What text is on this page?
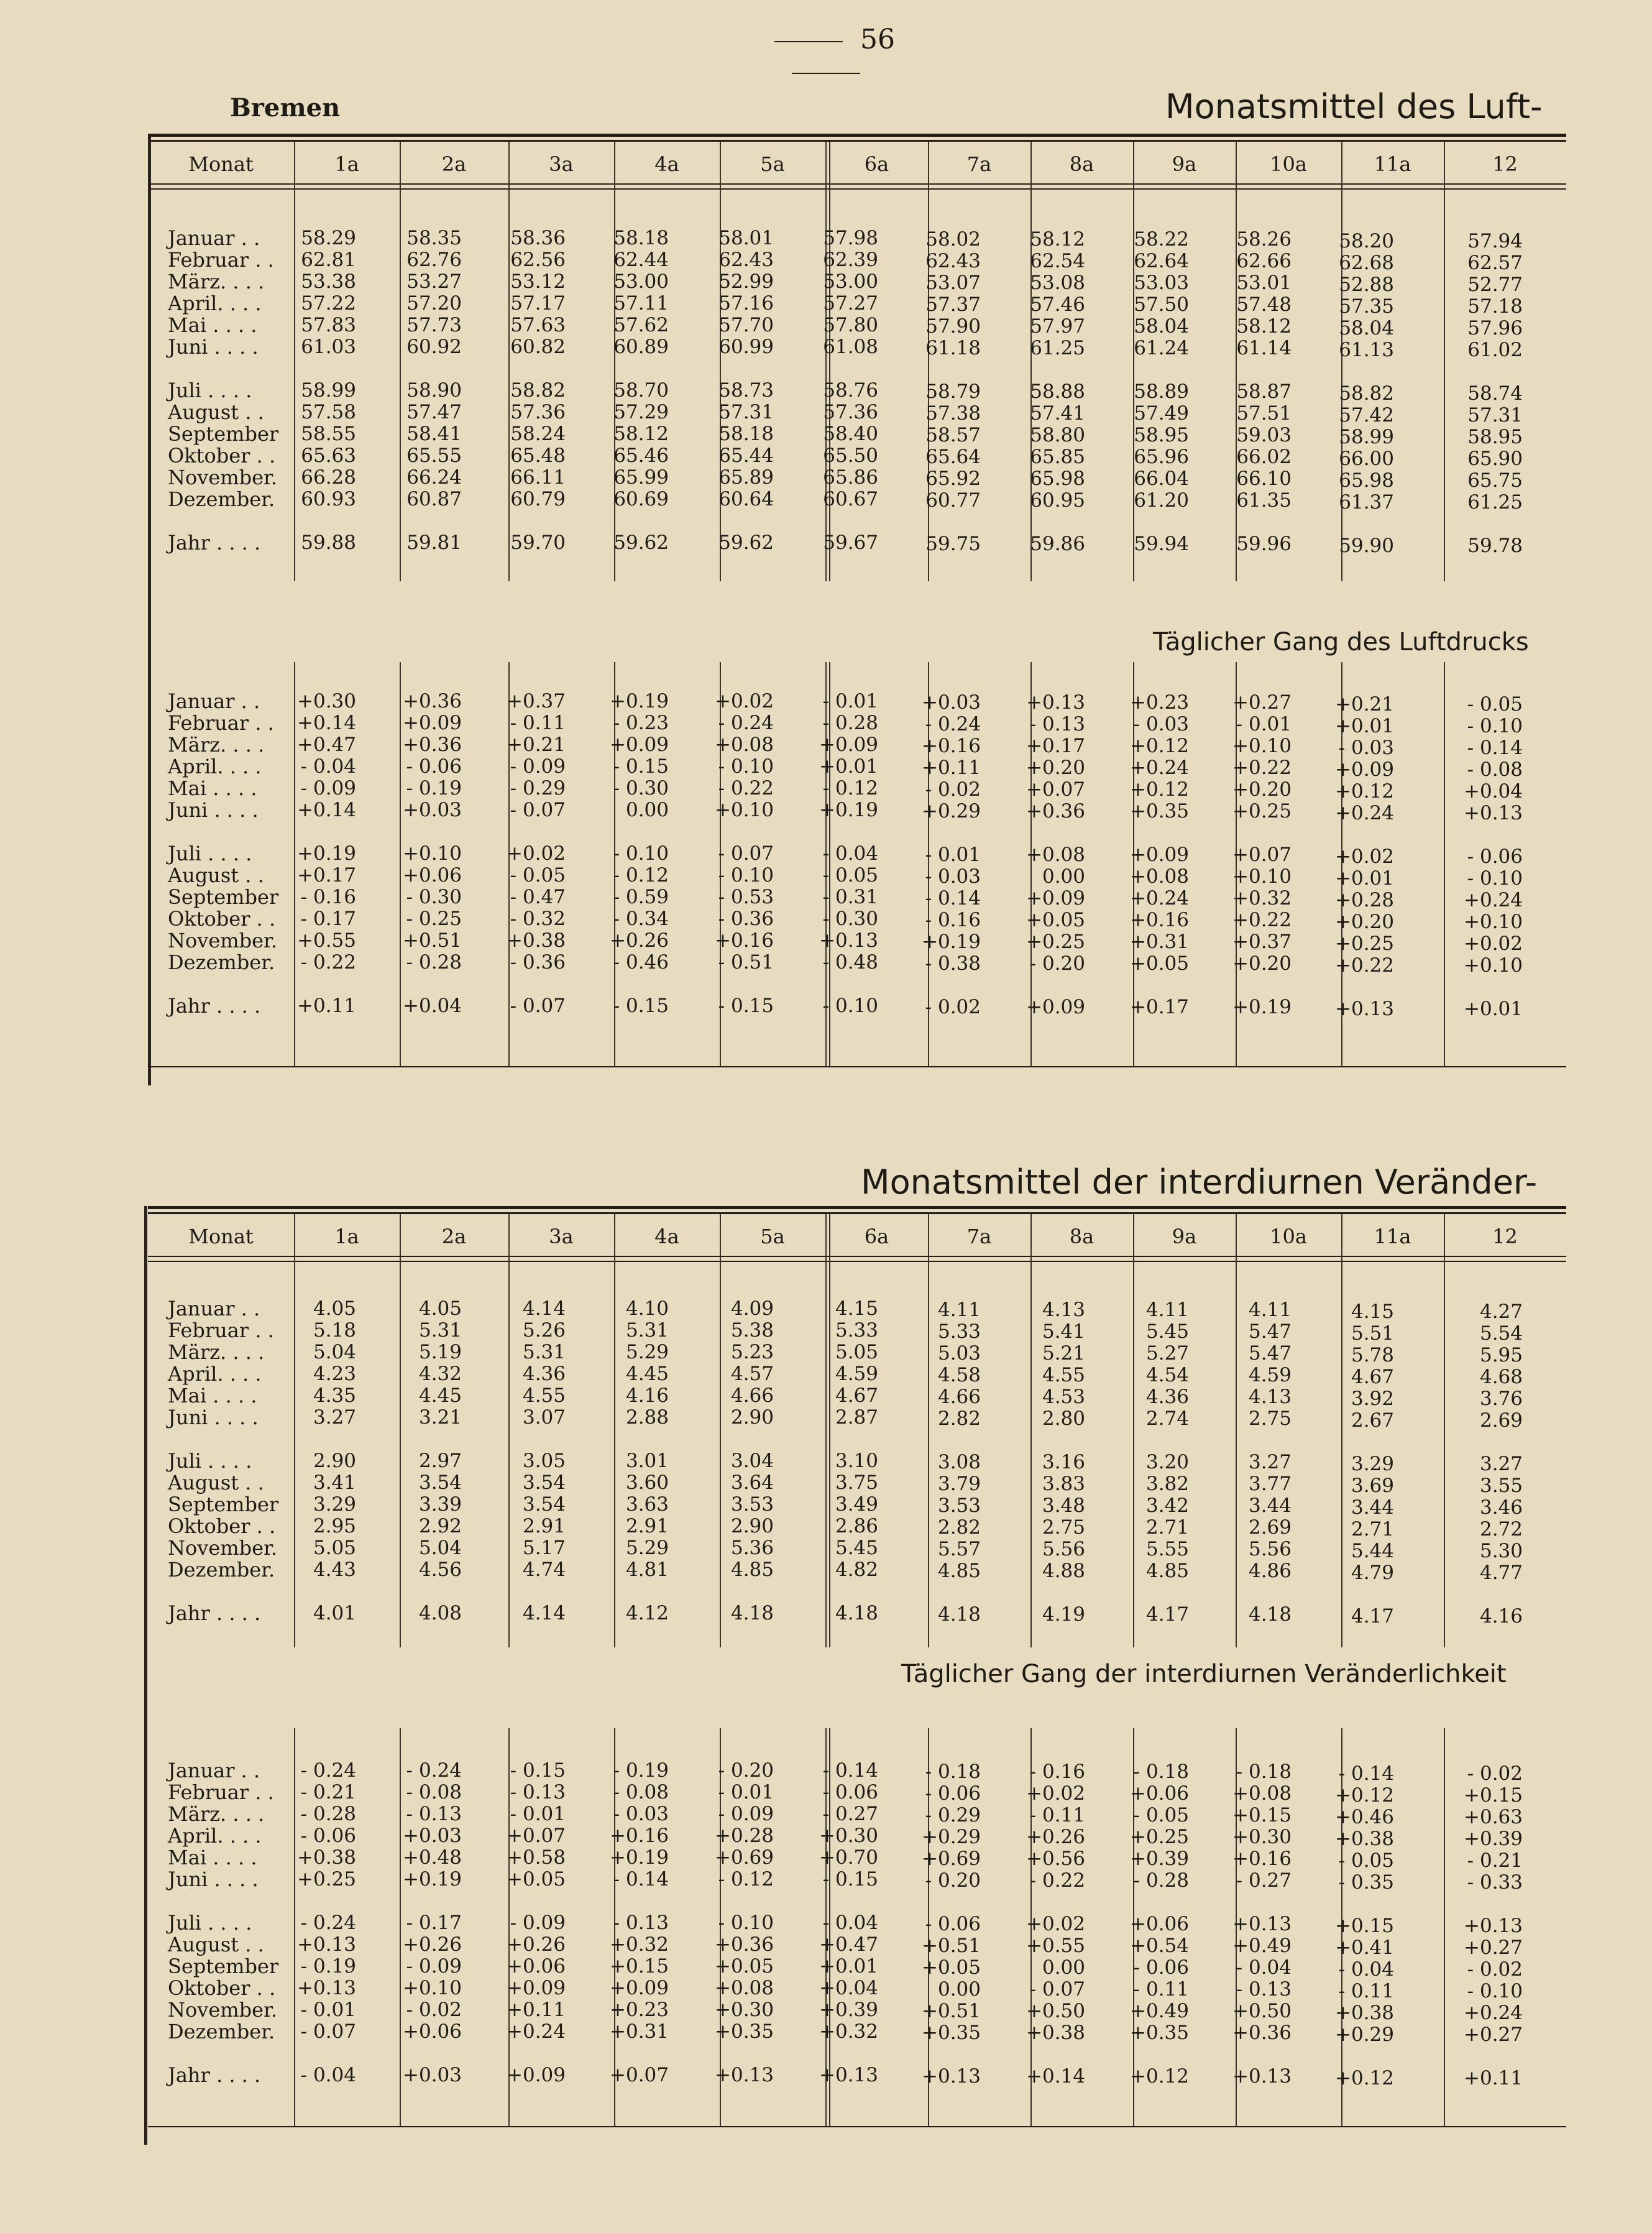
56
Bremen	Monatsmittel des Luft-
Monat	1a	2a	3a	4a	5a	6a	7a	8a	9a	10a	11a	12
Januar . .	58.29	58.35	58.36	58.18	58.01	57.98	58.02	58.12	58.22	58.26	58.20	57.94
Februar . .	62.81	62.76	62.56	62.44	62.43	62.39	62.43	62.54	62.64	62.66	62.68	62.57
März. . . .	53.38	53.27	53.12	53.00	52.99	53.00	53.07	53.08	53.03	53.01	52.88	52.77
April. . . .	57.22	57.20	57.17	57.11	57.16	57.27	57.37	57.46	57.50	57.48	57.35	57.18
Mai . . . .	57.83	57.73	57.63	57.62	57.70	57.80	57.90	57.97	58.04	58.12	58.04	57.96
Juni . . . .	61.03	60.92	60.82	60.89	60.99	61.08	61.18	61.25	61.24	61.14	61.13	61.02
Juli . . . .	58.99	58.90	58.82	58.70	58.73	58.76	58.79	58.88	58.89	58.87	58.82	58.74
August . .	57.58	57.47	57.36	57.29	57.31	57.36	57.38	57.41	57.49	57.51	57.42	57.31
September	58.55	58.41	58.24	58.12	58.18	58.40	58.57	58.80	58.95	59.03	58.99	58.95
Oktober . .	65.63	65.55	65.48	65.46	65.44	65.50	65.64	65.85	65.96	66.02	66.00	65.90
November.	66.28	66.24	66.11	65.99	65.89	65.86	65.92	65.98	66.04	66.10	65.98	65.75
Dezember.	60.93	60.87	60.79	60.69	60.64	60.67	60.77	60.95	61.20	61.35	61.37	61.25
Jahr . . . .	59.88	59.81	59.70	59.62	59.62	59.67	59.75	59.86	59.94	59.96	59.90	59.78
Januar . .	+0.30	+0.36	+0.37	+0.19	+0.02	- 0.01	+0.03	+0.13	+0.23	+0.27	+0.21	- 0.05
Februar . .	+0.14	+0.09	- 0.11	- 0.23	- 0.24	- 0.28	- 0.24	- 0.13	- 0.03	- 0.01	+0.01	- 0.10
März. . . .	+0.47	+0.36	+0.21	+0.09	+0.08	+0.09	+0.16	+0.17	+0.12	+0.10	- 0.03	- 0.14
April. . . .	- 0.04	- 0.06	- 0.09	- 0.15	- 0.10	+0.01	+0.11	+0.20	+0.24	+0.22	+0.09	- 0.08
Mai . . . .	- 0.09	- 0.19	- 0.29	- 0.30	- 0.22	- 0.12	- 0.02	+0.07	+0.12	+0.20	+0.12	+0.04
Juni . . . .	+0.14	+0.03	- 0.07	0.00	+0.10	+0.19	+0.29	+0.36	+0.35	+0.25	+0.24	+0.13
Juli . . . .	+0.19	+0.10	+0.02	- 0.10	- 0.07	- 0.04	- 0.01	+0.08	+0.09	+0.07	+0.02	- 0.06
August . .	+0.17	+0.06	- 0.05	- 0.12	- 0.10	- 0.05	- 0.03	0.00	+0.08	+0.10	+0.01	- 0.10
September	- 0.16	- 0.30	- 0.47	- 0.59	- 0.53	- 0.31	- 0.14	+0.09	+0.24	+0.32	+0.28	+0.24
Oktober . .	- 0.17	- 0.25	- 0.32	- 0.34	- 0.36	- 0.30	- 0.16	+0.05	+0.16	+0.22	+0.20	+0.10
November.	+0.55	+0.51	+0.38	+0.26	+0.16	+0.13	+0.19	+0.25	+0.31	+0.37	+0.25	+0.02
Dezember.	- 0.22	- 0.28	- 0.36	- 0.46	- 0.51	- 0.48	- 0.38	- 0.20	+0.05	+0.20	+0.22	+0.10
Jahr . . . .	+0.11	+0.04	- 0.07	- 0.15	- 0.15	- 0.10	- 0.02	+0.09	+0.17	+0.19	+0.13	+0.01
Täglicher Gang des Luftdrucks
Monatsmittel der interdiurnen Veränder-
Monat	1a	2a	3a	4a	5a	6a	7a	8a	9a	10a	11a	12
Januar . .	4.05	4.05	4.14	4.10	4.09	4.15	4.11	4.13	4.11	4.11	4.15	4.27
Februar . .	5.18	5.31	5.26	5.31	5.38	5.33	5.33	5.41	5.45	5.47	5.51	5.54
März. . . .	5.04	5.19	5.31	5.29	5.23	5.05	5.03	5.21	5.27	5.47	5.78	5.95
April. . . .	4.23	4.32	4.36	4.45	4.57	4.59	4.58	4.55	4.54	4.59	4.67	4.68
Mai . . . .	4.35	4.45	4.55	4.16	4.66	4.67	4.66	4.53	4.36	4.13	3.92	3.76
Juni . . . .	3.27	3.21	3.07	2.88	2.90	2.87	2.82	2.80	2.74	2.75	2.67	2.69
Juli . . . .	2.90	2.97	3.05	3.01	3.04	3.10	3.08	3.16	3.20	3.27	3.29	3.27
August . .	3.41	3.54	3.54	3.60	3.64	3.75	3.79	3.83	3.82	3.77	3.69	3.55
September	3.29	3.39	3.54	3.63	3.53	3.49	3.53	3.48	3.42	3.44	3.44	3.46
Oktober . .	2.95	2.92	2.91	2.91	2.90	2.86	2.82	2.75	2.71	2.69	2.71	2.72
November.	5.05	5.04	5.17	5.29	5.36	5.45	5.57	5.56	5.55	5.56	5.44	5.30
Dezember.	4.43	4.56	4.74	4.81	4.85	4.82	4.85	4.88	4.85	4.86	4.79	4.77
Jahr . . . .	4.01	4.08	4.14	4.12	4.18	4.18	4.18	4.19	4.17	4.18	4.17	4.16
Januar . .	- 0.24	- 0.24	- 0.15	- 0.19	- 0.20	- 0.14	- 0.18	- 0.16	- 0.18	- 0.18	- 0.14	- 0.02
Februar . .	- 0.21	- 0.08	- 0.13	- 0.08	- 0.01	- 0.06	- 0.06	+0.02	+0.06	+0.08	+0.12	+0.15
März. . . .	- 0.28	- 0.13	- 0.01	- 0.03	- 0.09	- 0.27	- 0.29	- 0.11	- 0.05	+0.15	+0.46	+0.63
April. . . .	- 0.06	+0.03	+0.07	+0.16	+0.28	+0.30	+0.29	+0.26	+0.25	+0.30	+0.38	+0.39
Mai . . . .	+0.38	+0.48	+0.58	+0.19	+0.69	+0.70	+0.69	+0.56	+0.39	+0.16	- 0.05	- 0.21
Juni . . . .	+0.25	+0.19	+0.05	- 0.14	- 0.12	- 0.15	- 0.20	- 0.22	- 0.28	- 0.27	- 0.35	- 0.33
Juli . . . .	- 0.24	- 0.17	- 0.09	- 0.13	- 0.10	- 0.04	- 0.06	+0.02	+0.06	+0.13	+0.15	+0.13
August . .	+0.13	+0.26	+0.26	+0.32	+0.36	+0.47	+0.51	+0.55	+0.54	+0.49	+0.41	+0.27
September	- 0.19	- 0.09	+0.06	+0.15	+0.05	+0.01	+0.05	0.00	- 0.06	- 0.04	- 0.04	- 0.02
Oktober . .	+0.13	+0.10	+0.09	+0.09	+0.08	+0.04	0.00	- 0.07	- 0.11	- 0.13	- 0.11	- 0.10
November.	- 0.01	- 0.02	+0.11	+0.23	+0.30	+0.39	+0.51	+0.50	+0.49	+0.50	+0.38	+0.24
Dezember.	- 0.07	+0.06	+0.24	+0.31	+0.35	+0.32	+0.35	+0.38	+0.35	+0.36	+0.29	+0.27
Jahr . . . .	- 0.04	+0.03	+0.09	+0.07	+0.13	+0.13	+0.13	+0.14	+0.12	+0.13	+0.12	+0.11
Täglicher Gang der interdiurnen Veränderlichkeit
